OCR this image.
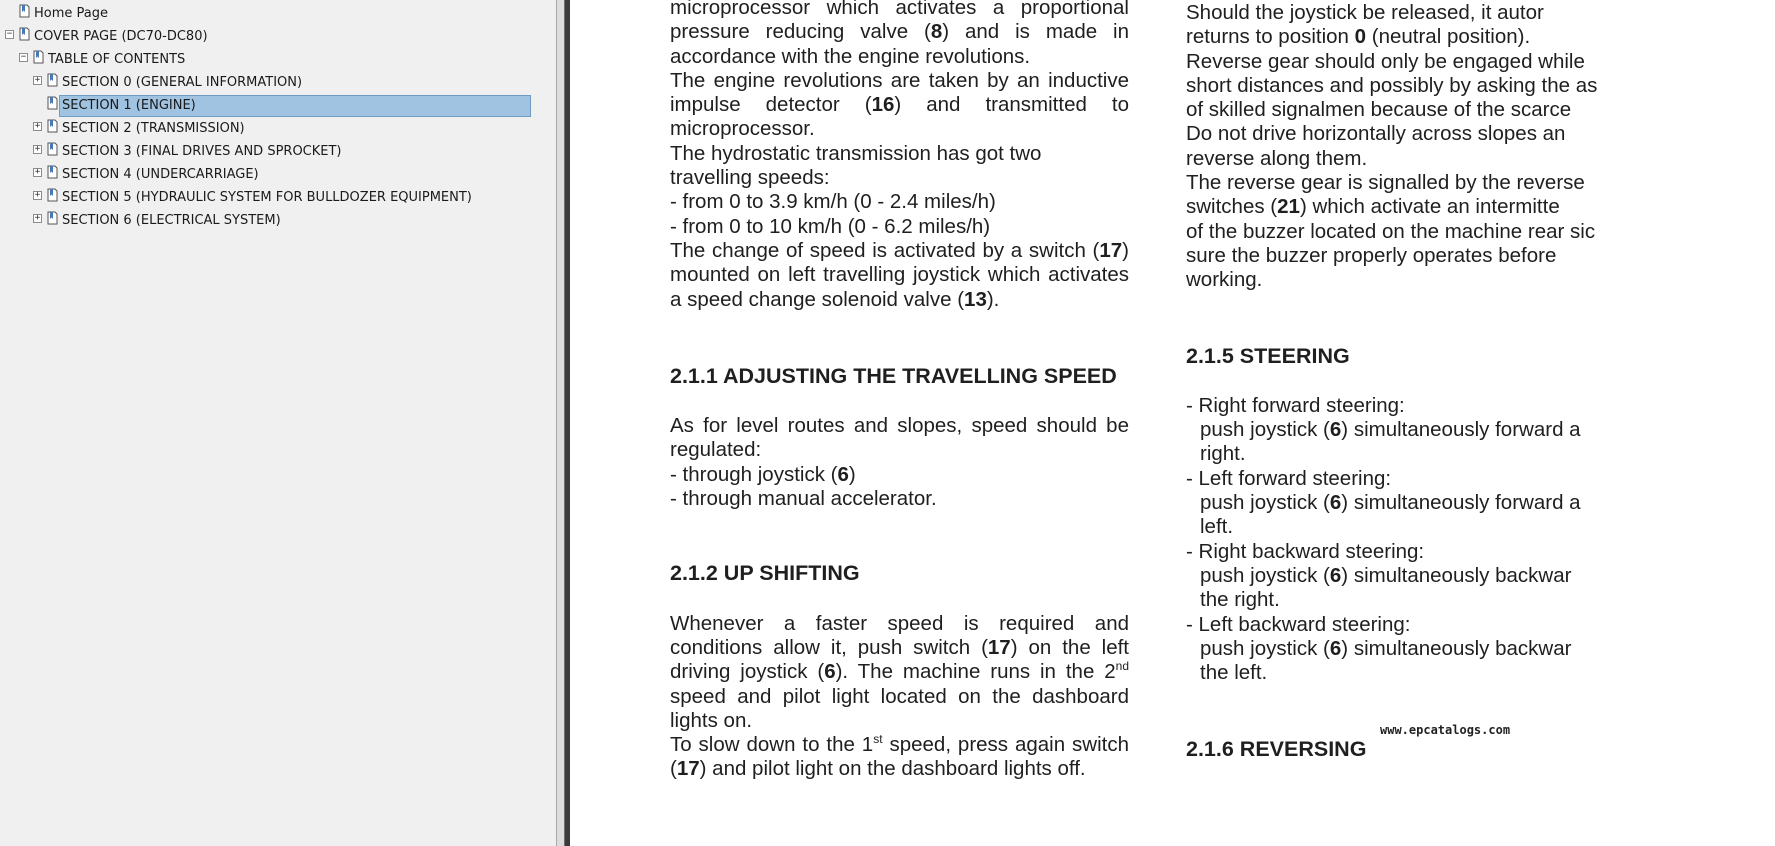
Home Page
− COVER PAGE (DC70-DC80)
− TABLE OF CONTENTS
+ SECTION 0 (GENERAL INFORMATION)
SECTION 1 (ENGINE)
+ SECTION 2 (TRANSMISSION)
+ SECTION 3 (FINAL DRIVES AND SPROCKET)
+ SECTION 4 (UNDERCARRIAGE)
+ SECTION 5 (HYDRAULIC SYSTEM FOR BULLDOZER EQUIPMENT)
+ SECTION 6 (ELECTRICAL SYSTEM)

microprocessor which activates a proportional pressure reducing valve (8) and is made in accordance with the engine revolutions.

The engine revolutions are taken by an inductive impulse detector (16) and transmitted to microprocessor.

The hydrostatic transmission has got two travelling speeds:

- from 0 to 3.9 km/h (0 - 2.4 miles/h)

- from 0 to 10 km/h (0 - 6.2 miles/h)

The change of speed is activated by a switch (17) mounted on left travelling joystick which activates a speed change solenoid valve (13).

2.1.1 ADJUSTING THE TRAVELLING SPEED

As for level routes and slopes, speed should be regulated:

- through joystick (6)

- through manual accelerator.

2.1.2 UP SHIFTING

Whenever a faster speed is required and conditions allow it, push switch (17) on the left driving joystick (6). The machine runs in the 2nd speed and pilot light located on the dashboard lights on.

To slow down to the 1st speed, press again switch (17) and pilot light on the dashboard lights off.

Should the joystick be released, it autor

returns to position 0 (neutral position).

Reverse gear should only be engaged while

short distances and possibly by asking the as

of skilled signalmen because of the scarce

Do not drive horizontally across slopes an

reverse along them.

The reverse gear is signalled by the reverse

switches (21) which activate an intermitte

of the buzzer located on the machine rear sic

sure the buzzer properly operates before

working.

2.1.5 STEERING

- Right forward steering:

push joystick (6) simultaneously forward a

right.

- Left forward steering:

push joystick (6) simultaneously forward a

left.

- Right backward steering:

push joystick (6) simultaneously backwar

the right.

- Left backward steering:

push joystick (6) simultaneously backwar

the left.

2.1.6 REVERSING

www.epcatalogs.com
